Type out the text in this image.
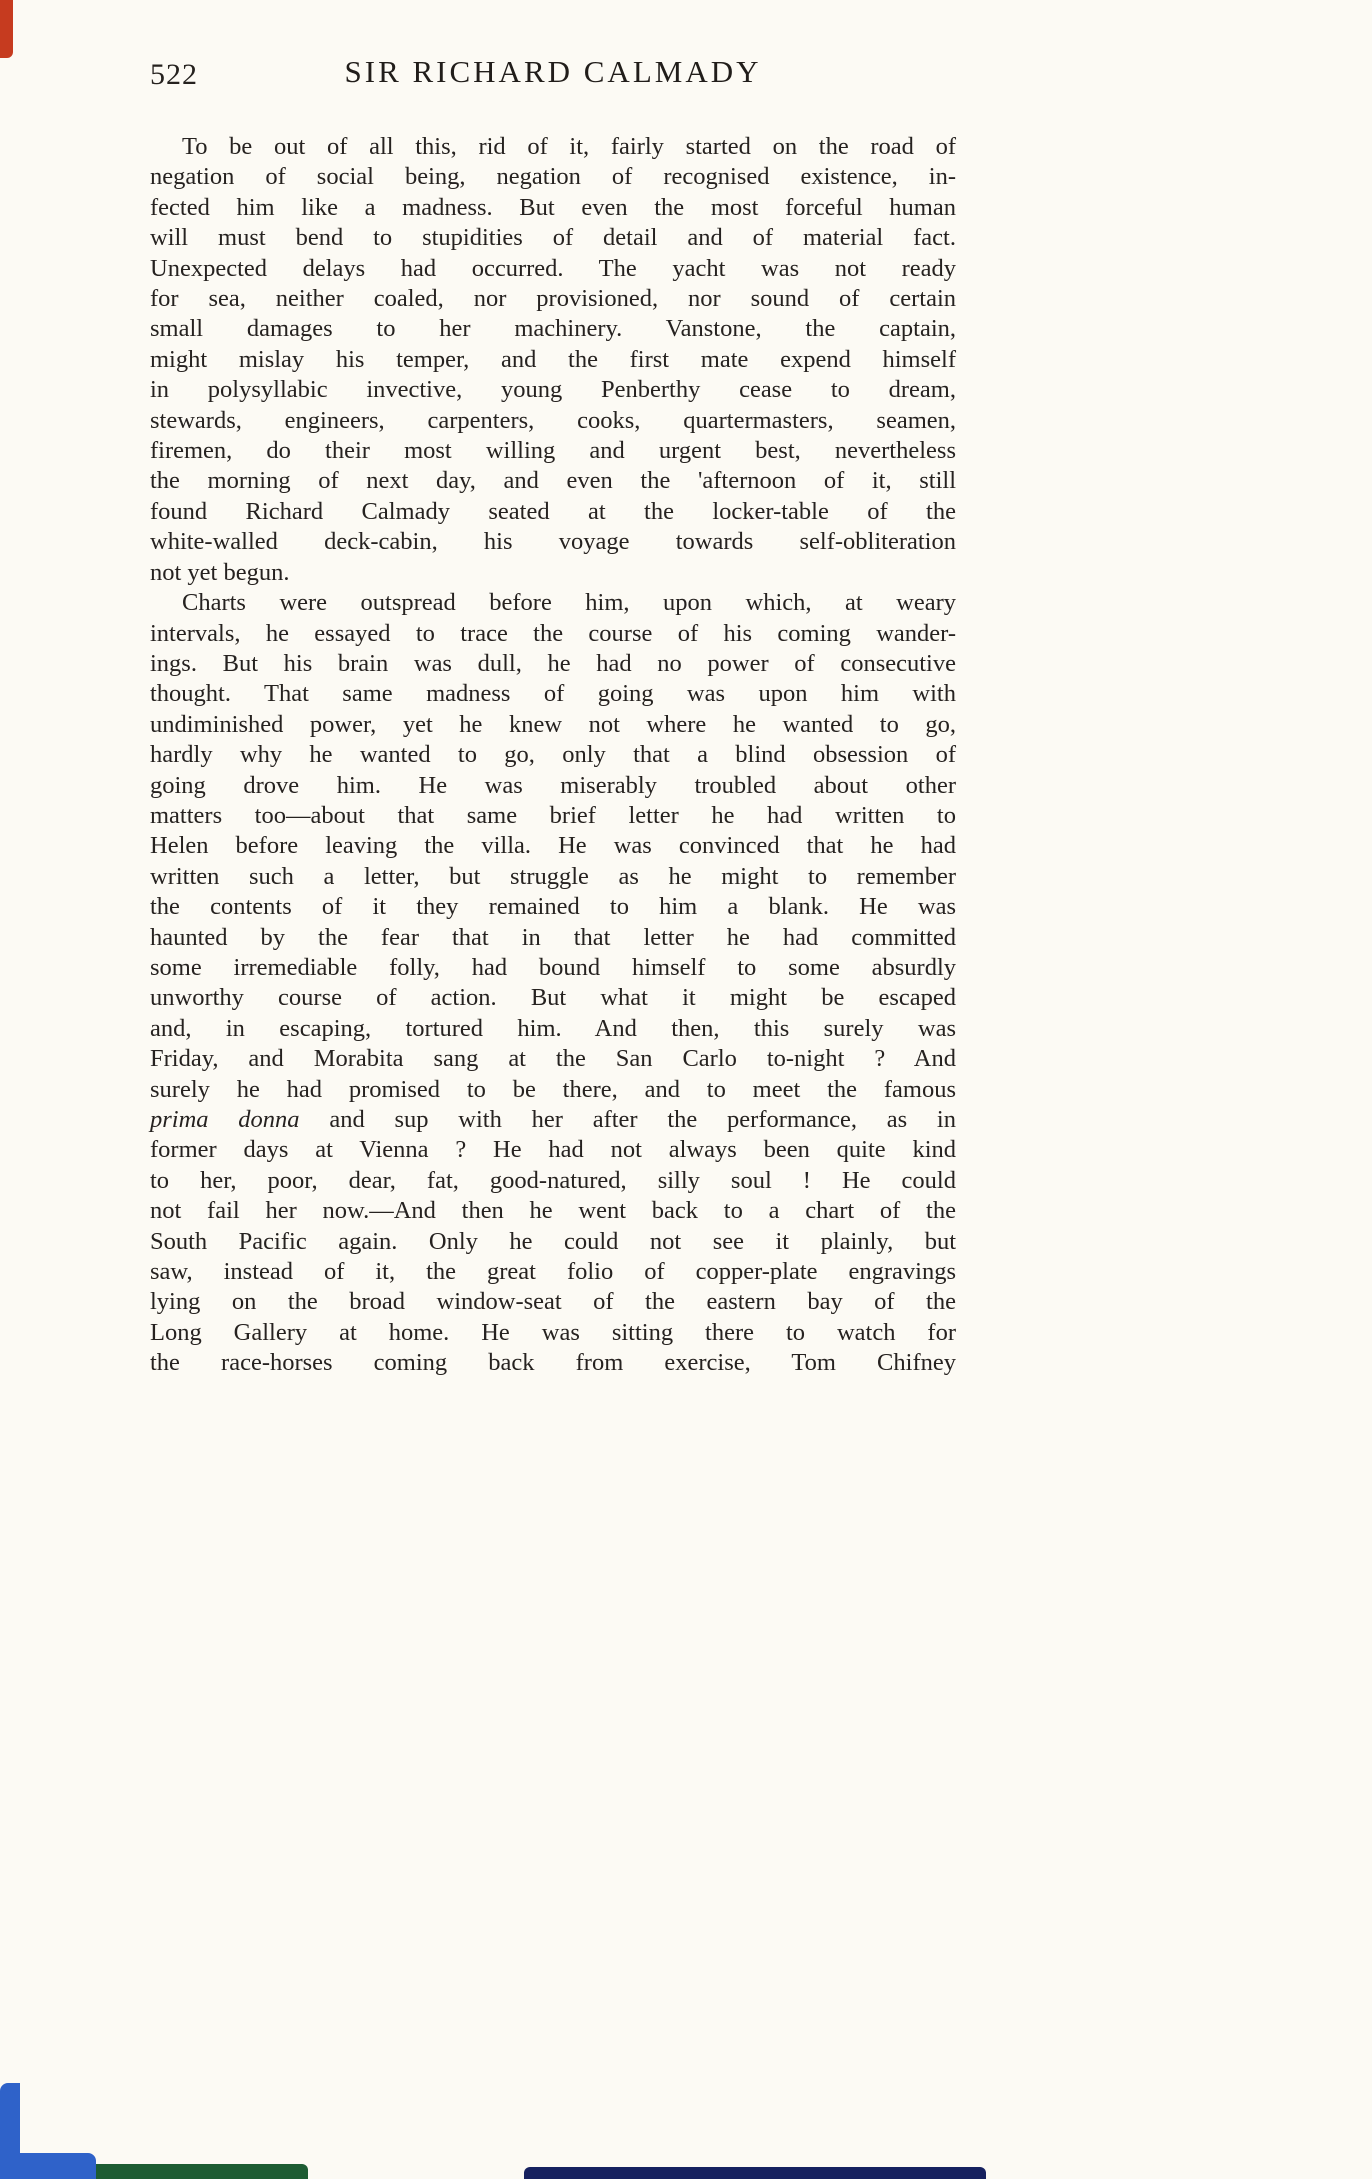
522	SIR RICHARD CALMADY
To be out of all this, rid of it, fairly started on the road of
negation of social being, negation of recognised existence, in-
fected him like a madness. But even the most forceful human
will must bend to stupidities of detail and of material fact.
Unexpected delays had occurred. The yacht was not ready
for sea, neither coaled, nor provisioned, nor sound of certain
small damages to her machinery. Vanstone, the captain,
might mislay his temper, and the first mate expend himself
in polysyllabic invective, young Penberthy cease to dream,
stewards, engineers, carpenters, cooks, quartermasters, seamen,
firemen, do their most willing and urgent best, nevertheless
the morning of next day, and even the 'afternoon of it, still
found Richard Calmady seated at the locker-table of the
white-walled deck-cabin, his voyage towards self-obliteration
not yet begun.
Charts were outspread before him, upon which, at weary
intervals, he essayed to trace the course of his coming wander-
ings. But his brain was dull, he had no power of consecutive
thought. That same madness of going was upon him with
undiminished power, yet he knew not where he wanted to go,
hardly why he wanted to go, only that a blind obsession of
going drove him. He was miserably troubled about other
matters too—about that same brief letter he had written to
Helen before leaving the villa. He was convinced that he had
written such a letter, but struggle as he might to remember
the contents of it they remained to him a blank. He was
haunted by the fear that in that letter he had committed
some irremediable folly, had bound himself to some absurdly
unworthy course of action. But what it might be escaped
and, in escaping, tortured him. And then, this surely was
Friday, and Morabita sang at the San Carlo to-night ? And
surely he had promised to be there, and to meet the famous
prima donna and sup with her after the performance, as in
former days at Vienna ? He had not always been quite kind
to her, poor, dear, fat, good-natured, silly soul ! He could
not fail her now.—And then he went back to a chart of the
South Pacific again. Only he could not see it plainly, but
saw, instead of it, the great folio of copper-plate engravings
lying on the broad window-seat of the eastern bay of the
Long Gallery at home. He was sitting there to watch for
the race-horses coming back from exercise, Tom Chifney
